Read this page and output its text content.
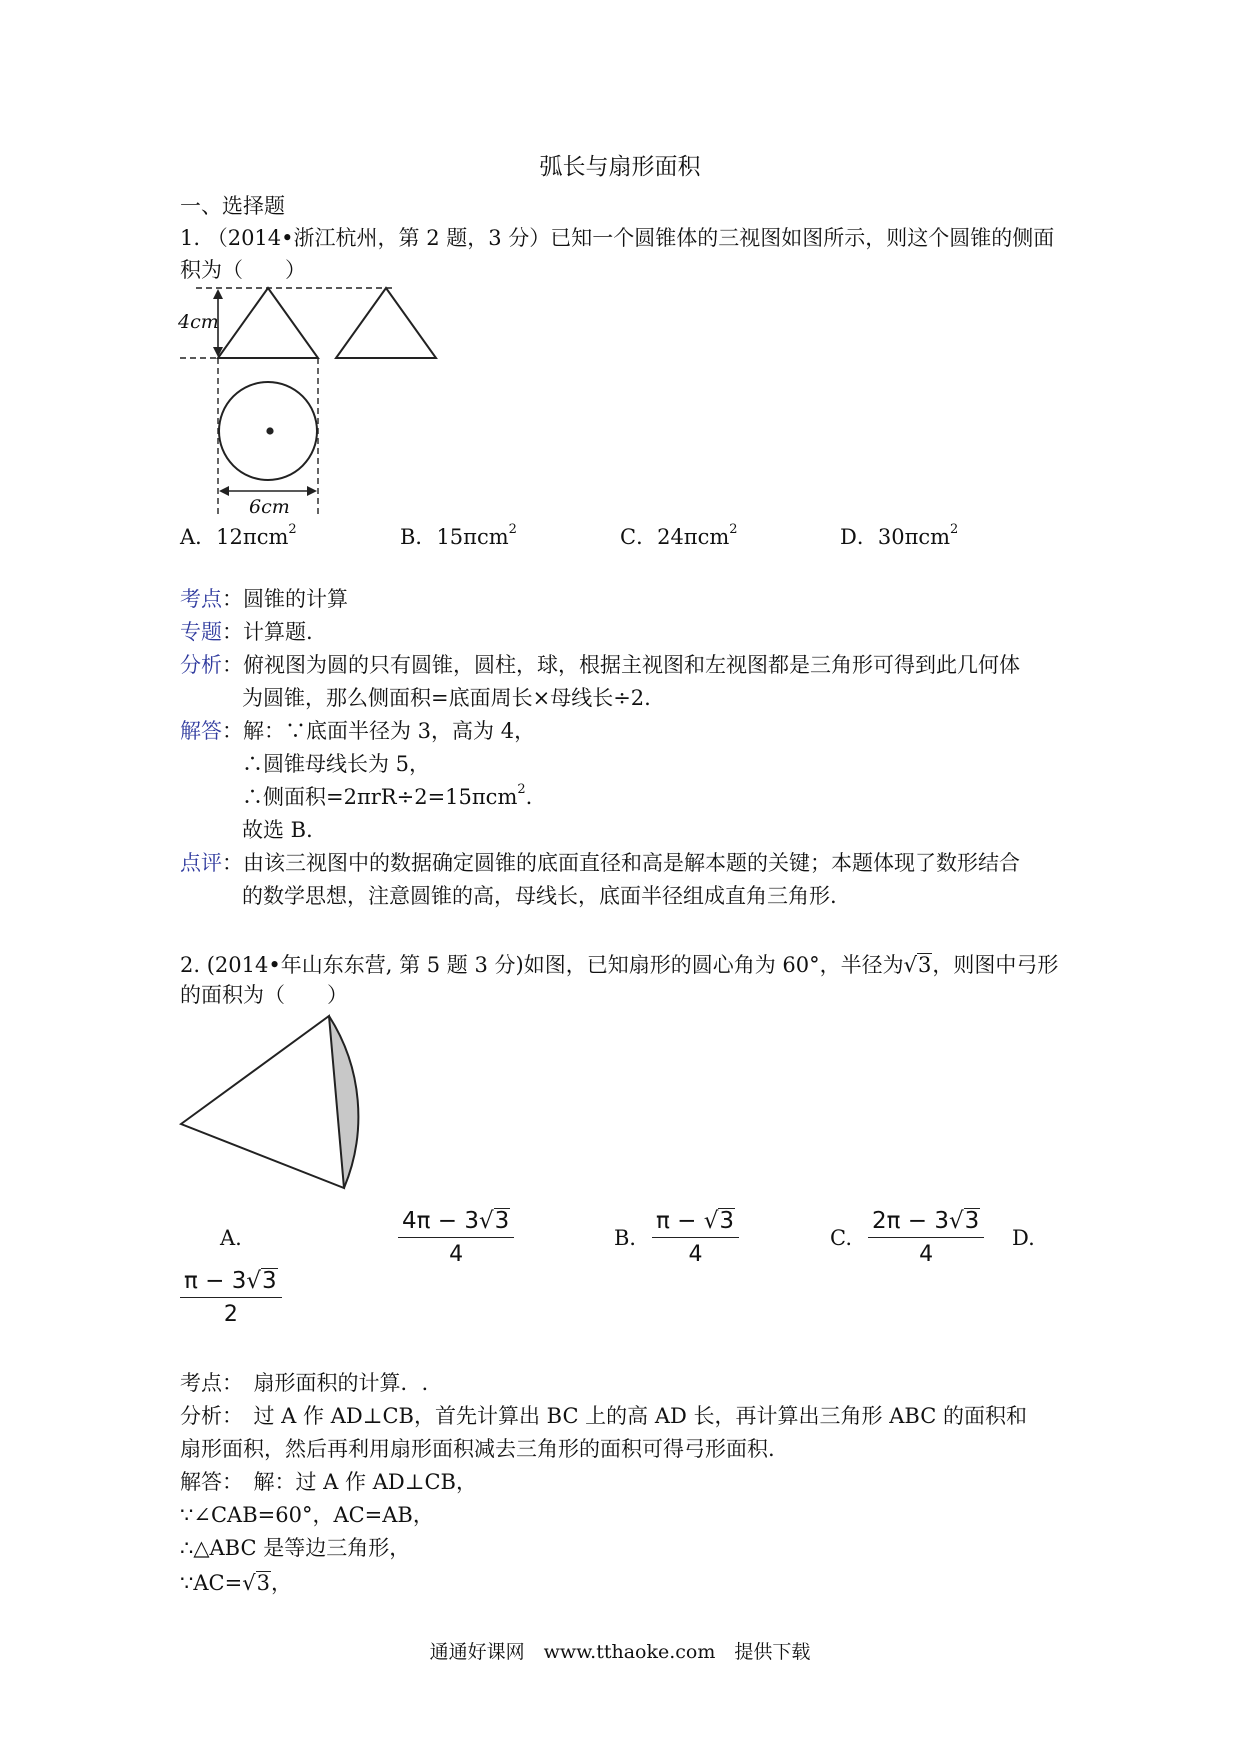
弧长与扇形面积
一、选择题
1. （2014•浙江杭州，第 2 题，3 分）已知一个圆锥体的三视图如图所示，则这个圆锥的侧面
积为（　　）
4cm
6cm
A．12πcm$^2$	B．15πcm$^2$	C．24πcm$^2$	D．30πcm$^2$
考点：圆锥的计算
专题：计算题.
分析：俯视图为圆的只有圆锥，圆柱，球，根据主视图和左视图都是三角形可得到此几何体
为圆锥，那么侧面积=底面周长×母线长÷2.
解答：解：∵底面半径为 3，高为 4，
∴圆锥母线长为 5，
∴侧面积=2πrR÷2=15πcm$^2$.
故选 B．
点评：由该三视图中的数据确定圆锥的底面直径和高是解本题的关键；本题体现了数形结合
的数学思想，注意圆锥的高，母线长，底面半径组成直角三角形.
2. (2014•年山东东营, 第 5 题 3 分)如图，已知扇形的圆心角为 60°，半径为√3，则图中弓形
的面积为（　　）
A.	$\frac{4\pi - 3√3}{4}$	B． $\frac{\pi - √3}{4}$	C. $\frac{2\pi - 3√3}{4} D$.
$\frac{\pi - 3√3}{2}$
考点：　扇形面积的计算．.
分析：　过 A 作 AD⊥CB，首先计算出 BC 上的高 AD 长，再计算出三角形 ABC 的面积和
扇形面积，然后再利用扇形面积减去三角形的面积可得弓形面积.
解答：　解：过 A 作 AD⊥CB，
∵∠CAB=60°，AC=AB，
∴△ABC 是等边三角形，
∵AC=√3，
通通好课网　www.tthaoke.com　提供下载
